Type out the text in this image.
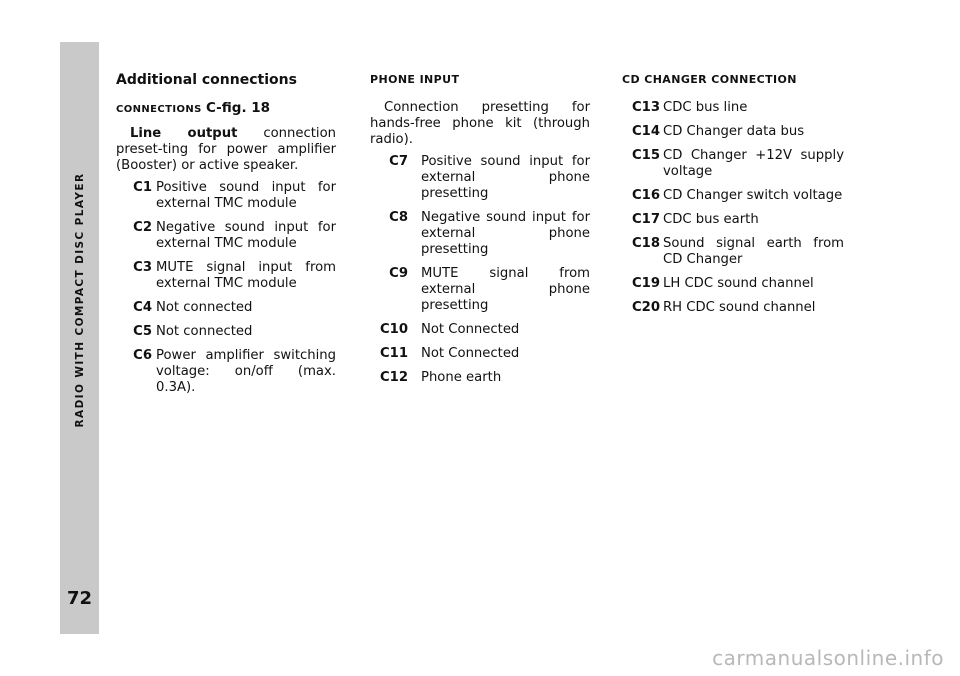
RADIO WITH COMPACT DISC PLAYER
72
Additional connections
CONNECTIONS C-fig. 18

Line output connection preset-ting for power amplifier (Booster) or active speaker.

C1 Positive sound input for external TMC module
C2 Negative sound input for external TMC module
C3 MUTE signal input from external TMC module
C4 Not connected
C5 Not connected
C6 Power amplifier switching voltage: on/off (max. 0.3A).
PHONE INPUT

Connection presetting for hands-free phone kit (through radio).

C7 Positive sound input for external phone presetting
C8 Negative sound input for external phone presetting
C9 MUTE signal from external phone presetting
C10 Not Connected
C11 Not Connected
C12 Phone earth
CD CHANGER CONNECTION
C13 CDC bus line
C14 CD Changer data bus
C15 CD Changer +12V supply voltage
C16 CD Changer switch voltage
C17 CDC bus earth
C18 Sound signal earth from CD Changer
C19 LH CDC sound channel
C20 RH CDC sound channel
carmanualsonline.info
